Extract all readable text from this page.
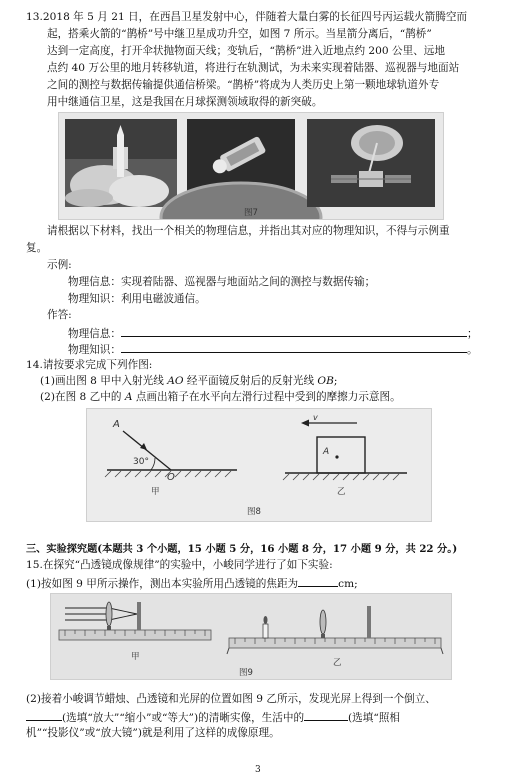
13.2018 年 5 月 21 日，在西昌卫星发射中心，伴随着大量白雾的长征四号丙运载火箭腾空而
起，搭乘火箭的“鹊桥”号中继卫星成功升空，如图 7 所示。当星箭分离后，“鹊桥”
达到一定高度，打开伞状抛物面天线；变轨后，“鹊桥”进入近地点约 200 公里、远地
点约 40 万公里的地月转移轨道，将进行在轨测试，为未来实现着陆器、巡视器与地面站
之间的测控与数据传输提供通信桥梁。“鹊桥”将成为人类历史上第一颗地球轨道外专
用中继通信卫星，这是我国在月球探测领域取得的新突破。
图7
请根据以下材料，找出一个相关的物理信息，并指出其对应的物理知识，不得与示例重
复。
示例:
物理信息：实现着陆器、巡视器与地面站之间的测控与数据传输；
物理知识：利用电磁波通信。
作答:
物理信息：	；
物理知识：	。
14.请按要求完成下列作图:
(1)画出图 8 甲中入射光线 AO 经平面镜反射后的反射光线 OB;
(2)在图 8 乙中的 A 点画出箱子在水平向左滑行过程中受到的摩擦力示意图。
A
30°
O
甲
v
A
乙
图8
三、实验探究题(本题共 3 个小题，15 小题 5 分，16 小题 8 分，17 小题 9 分，共 22 分。)
15.在探究“凸透镜成像规律”的实验中，小峻同学进行了如下实验:
(1)按如图 9 甲所示操作，测出本实验所用凸透镜的焦距为	cm;
甲
乙
图9
(2)接着小峻调节蜡烛、凸透镜和光屏的位置如图 9 乙所示，发现光屏上得到一个倒立、
(选填“放大”“缩小”或“等大”)的清晰实像，生活中的	(选填“照相
机”“投影仪”或“放大镜”)就是利用了这样的成像原理。
3
